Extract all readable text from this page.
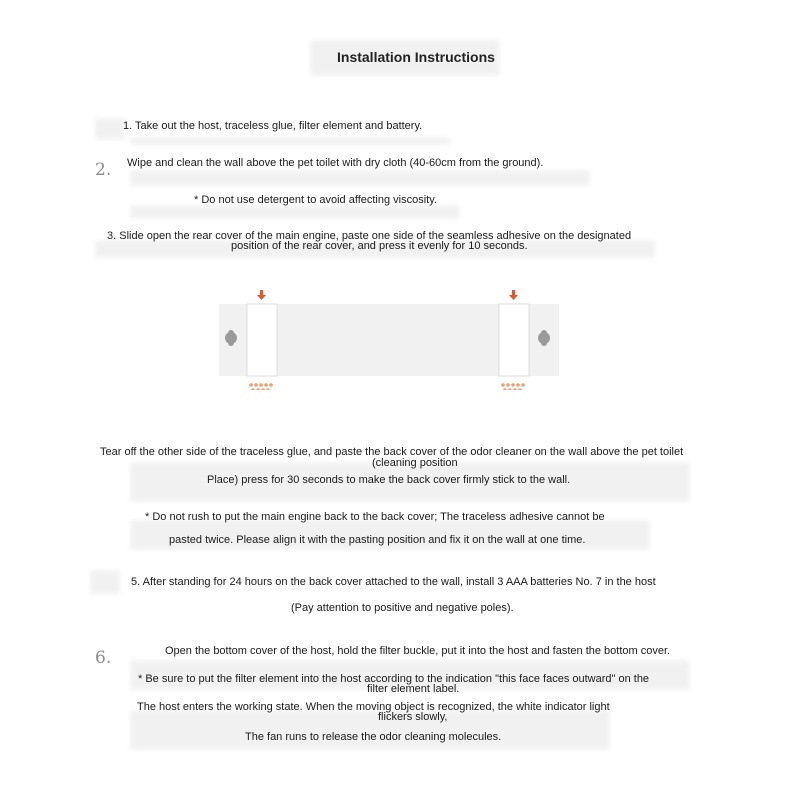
Installation Instructions

1. Take out the host, traceless glue, filter element and battery.

2. Wipe and clean the wall above the pet toilet with dry cloth (40-60cm from the ground).

* Do not use detergent to avoid affecting viscosity.

3. Slide open the rear cover of the main engine, paste one side of the seamless adhesive on the designated

position of the rear cover, and press it evenly for 10 seconds.

Tear off the other side of the traceless glue, and paste the back cover of the odor cleaner on the wall above the pet toilet

(cleaning position

Place) press for 30 seconds to make the back cover firmly stick to the wall.

* Do not rush to put the main engine back to the back cover; The traceless adhesive cannot be

pasted twice. Please align it with the pasting position and fix it on the wall at one time.

5. After standing for 24 hours on the back cover attached to the wall, install 3 AAA batteries No. 7 in the host

(Pay attention to positive and negative poles).

6.	Open the bottom cover of the host, hold the filter buckle, put it into the host and fasten the bottom cover.

* Be sure to put the filter element into the host according to the indication "this face faces outward" on the

filter element label.

The host enters the working state. When the moving object is recognized, the white indicator light

flickers slowly,

The fan runs to release the odor cleaning molecules.
